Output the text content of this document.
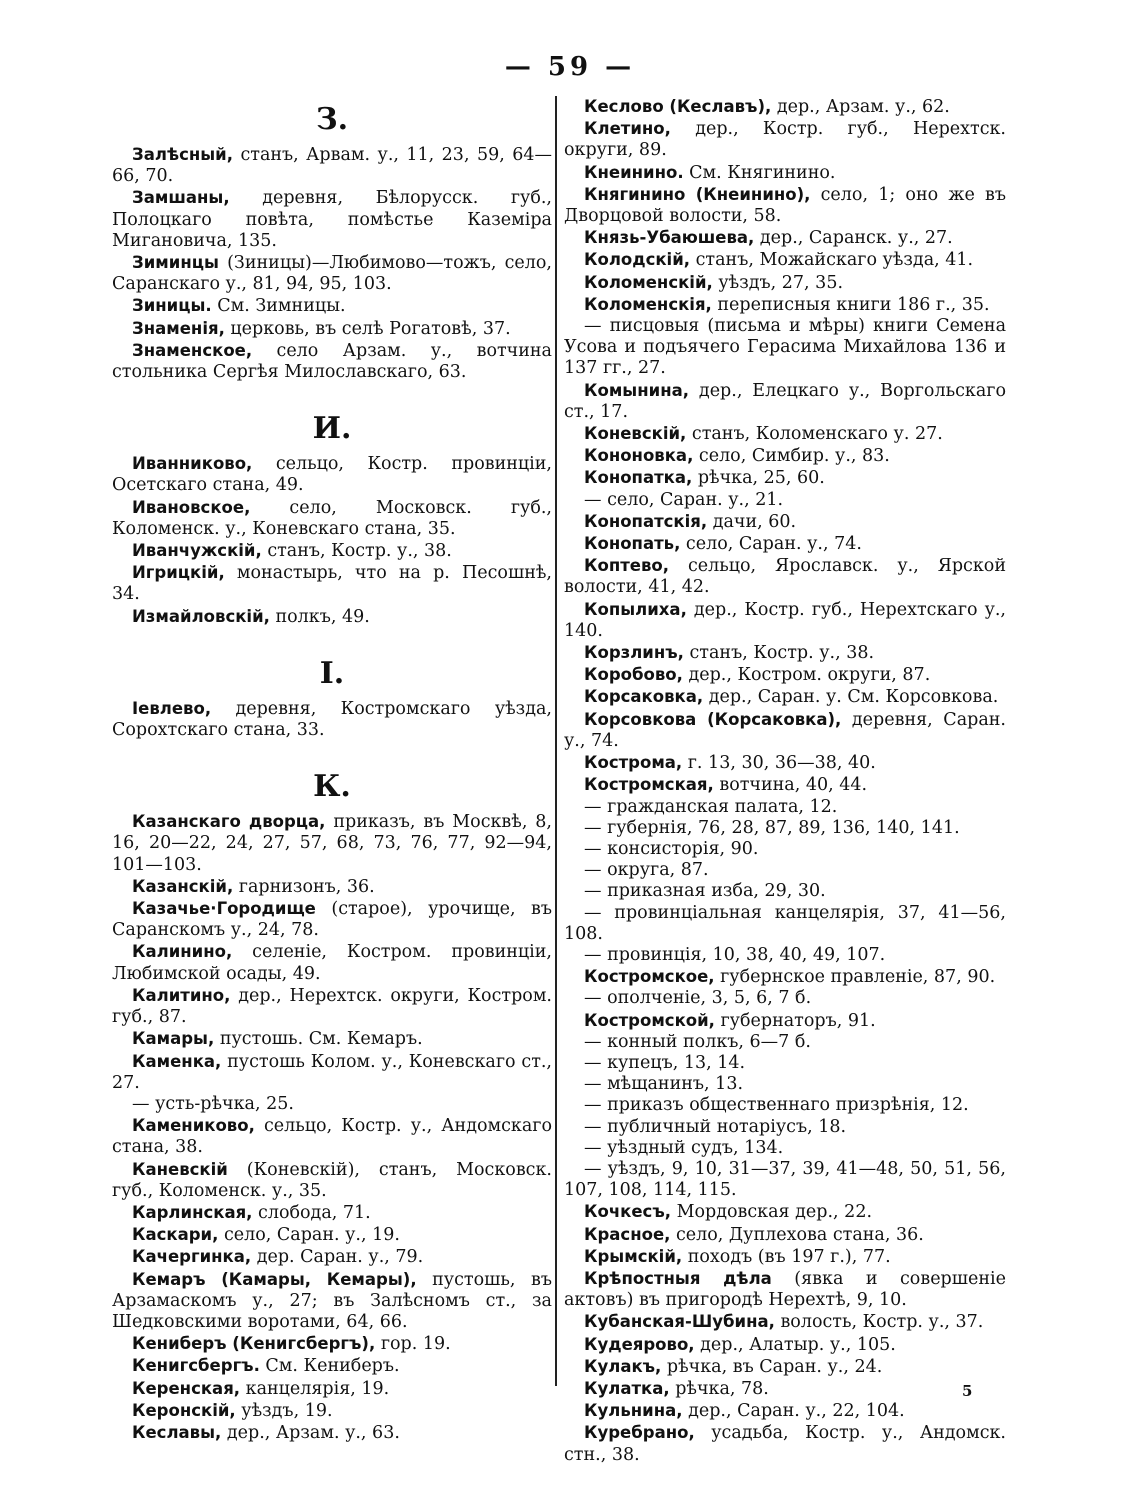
— 59 —
З.

Залѣсный, станъ, Арвам. у., 11, 23, 59, 64—66, 70.

Замшаны, деревня, Бѣлорусск. губ., Полоцкаго повѣта, помѣстье Каземіра Мигановича, 135.

Зиминцы (Зиницы)—Любимово—тожъ, село, Саранскаго у., 81, 94, 95, 103.

Зиницы. См. Зимницы.

Знаменія, церковь, въ селѣ Рогатовѣ, 37.

Знаменское, село Арзам. у., вотчина стольника Сергѣя Милославскаго, 63.

И.

Иванниково, сельцо, Костр. провинціи, Осетскаго стана, 49.

Ивановское, село, Московск. губ., Коломенск. у., Коневскаго стана, 35.

Иванчужскій, станъ, Костр. у., 38.

Игрицкій, монастырь, что на р. Песошнѣ, 34.

Измайловскій, полкъ, 49.

I.

Іевлево, деревня, Костромскаго уѣзда, Сорохтскаго стана, 33.

К.

Казанскаго дворца, приказъ, въ Москвѣ, 8, 16, 20—22, 24, 27, 57, 68, 73, 76, 77, 92—94, 101—103.

Казанскій, гарнизонъ, 36.

Казачье·Городище (старое), урочище, въ Саранскомъ у., 24, 78.

Калинино, селеніе, Костром. провинціи, Любимской осады, 49.

Калитино, дер., Нерехтск. округи, Костром. губ., 87.

Камары, пустошь. См. Кемаръ.

Каменка, пустошь Колом. у., Коневскаго ст., 27.

— усть-рѣчка, 25.

Камениково, сельцо, Костр. у., Андомскаго стана, 38.

Каневскій (Коневскій), станъ, Московск. губ., Коломенск. у., 35.

Карлинская, слобода, 71.

Каскари, село, Саран. у., 19.

Качергинка, дер. Саран. у., 79.

Кемаръ (Камары, Кемары), пустошь, въ Арзамаскомъ у., 27; въ Залѣсномъ ст., за Шедковскими воротами, 64, 66.

Кениберъ (Кенигсбергъ), гор. 19.

Кенигсбергъ. См. Кениберъ.

Керенская, канцелярія, 19.

Керонскій, уѣздъ, 19.

Кеславы, дер., Арзам. у., 63.

Кеслово (Кеславъ), дер., Арзам. у., 62.

Клетино, дер., Костр. губ., Нерехтск. округи, 89.

Кнеинино. См. Княгинино.

Княгинино (Кнеинино), село, 1; оно же въ Дворцовой волости, 58.

Князь-Убаюшева, дер., Саранск. у., 27.

Колодскій, станъ, Можайскаго уѣзда, 41.

Коломенскій, уѣздъ, 27, 35.

Коломенскія, переписныя книги 186 г., 35.

— писцовыя (письма и мѣры) книги Семена Усова и подъячего Герасима Михайлова 136 и 137 гг., 27.

Комынина, дер., Елецкаго у., Воргольскаго ст., 17.

Коневскій, станъ, Коломенскаго у. 27.

Кононовка, село, Симбир. у., 83.

Конопатка, рѣчка, 25, 60.

— село, Саран. у., 21.

Конопатскія, дачи, 60.

Конопать, село, Саран. у., 74.

Коптево, сельцо, Ярославск. у., Ярской волости, 41, 42.

Копылиха, дер., Костр. губ., Нерехтскаго у., 140.

Корзлинъ, станъ, Костр. у., 38.

Коробово, дер., Костром. округи, 87.

Корсаковка, дер., Саран. у. См. Корсовкова.

Корсовкова (Корсаковка), деревня, Саран. у., 74.

Кострома, г. 13, 30, 36—38, 40.

Костромская, вотчина, 40, 44.

— гражданская палата, 12.

— губернія, 76, 28, 87, 89, 136, 140, 141.

— консисторія, 90.

— округа, 87.

— приказная изба, 29, 30.

— провинціальная канцелярія, 37, 41—56, 108.

— провинція, 10, 38, 40, 49, 107.

Костромское, губернское правленіе, 87, 90.

— ополченіе, 3, 5, 6, 7 б.

Костромской, губернаторъ, 91.

— конный полкъ, 6—7 б.

— купецъ, 13, 14.

— мѣщанинъ, 13.

— приказъ общественнаго призрѣнія, 12.

— публичный нотаріусъ, 18.

— уѣздный судъ, 134.

— уѣздъ, 9, 10, 31—37, 39, 41—48, 50, 51, 56, 107, 108, 114, 115.

Кочкесъ, Мордовская дер., 22.

Красное, село, Дуплехова стана, 36.

Крымскій, походъ (въ 197 г.), 77.

Крѣпостныя дѣла (явка и совершеніе актовъ) въ пригородѣ Нерехтѣ, 9, 10.

Кубанская-Шубина, волость, Костр. у., 37.

Кудеярово, дер., Алатыр. у., 105.

Кулакъ, рѣчка, въ Саран. у., 24.

Кулатка, рѣчка, 78.

Кульнина, дер., Саран. у., 22, 104.

Куребрано, усадьба, Костр. у., Андомск. стн., 38.

5
